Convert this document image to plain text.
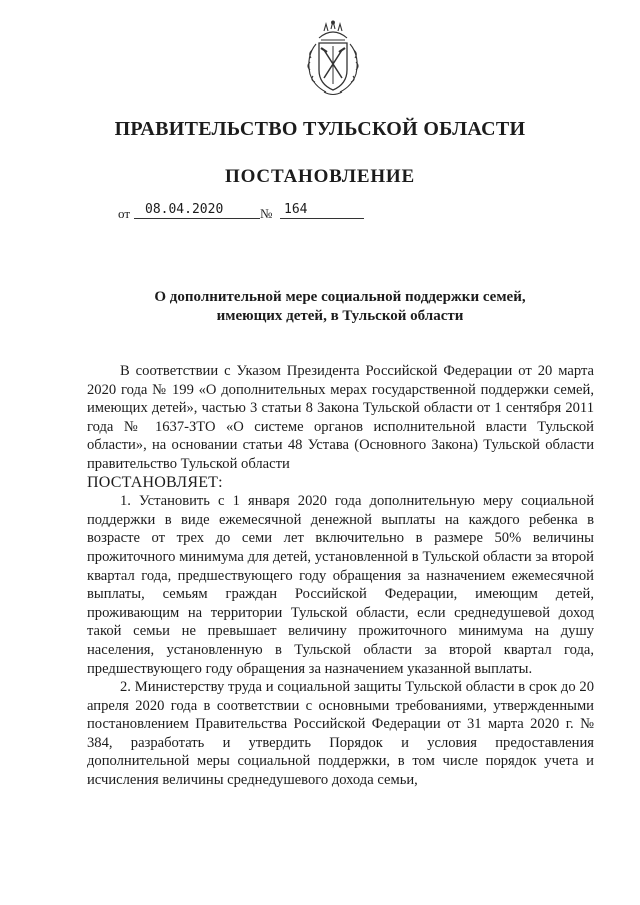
ПРАВИТЕЛЬСТВО ТУЛЬСКОЙ ОБЛАСТИ
ПОСТАНОВЛЕНИЕ
от 08.04.2020	№ 164
О дополнительной мере социальной поддержки семей,
имеющих детей, в Тульской области

В соответствии с Указом Президента Российской Федерации от 20 марта 2020 года № 199 «О дополнительных мерах государственной поддержки семей, имеющих детей», частью 3 статьи 8 Закона Тульской области от 1 сентября 2011 года № 1637-ЗТО «О системе органов исполнительной власти Тульской области», на основании статьи 48 Устава (Основного Закона) Тульской области правительство Тульской области

ПОСТАНОВЛЯЕТ:

1. Установить с 1 января 2020 года дополнительную меру социальной поддержки в виде ежемесячной денежной выплаты на каждого ребенка в возрасте от трех до семи лет включительно в размере 50% величины прожиточного минимума для детей, установленной в Тульской области за второй квартал года, предшествующего году обращения за назначением ежемесячной выплаты, семьям граждан Российской Федерации, имеющим детей, проживающим на территории Тульской области, если среднедушевой доход такой семьи не превышает величину прожиточного минимума на душу населения, установленную в Тульской области за второй квартал года, предшествующего году обращения за назначением указанной выплаты.

2. Министерству труда и социальной защиты Тульской области в срок до 20 апреля 2020 года в соответствии с основными требованиями, утвержденными постановлением Правительства Российской Федерации от 31 марта 2020 г. № 384, разработать и утвердить Порядок и условия предоставления дополнительной меры социальной поддержки, в том числе порядок учета и исчисления величины среднедушевого дохода семьи,
